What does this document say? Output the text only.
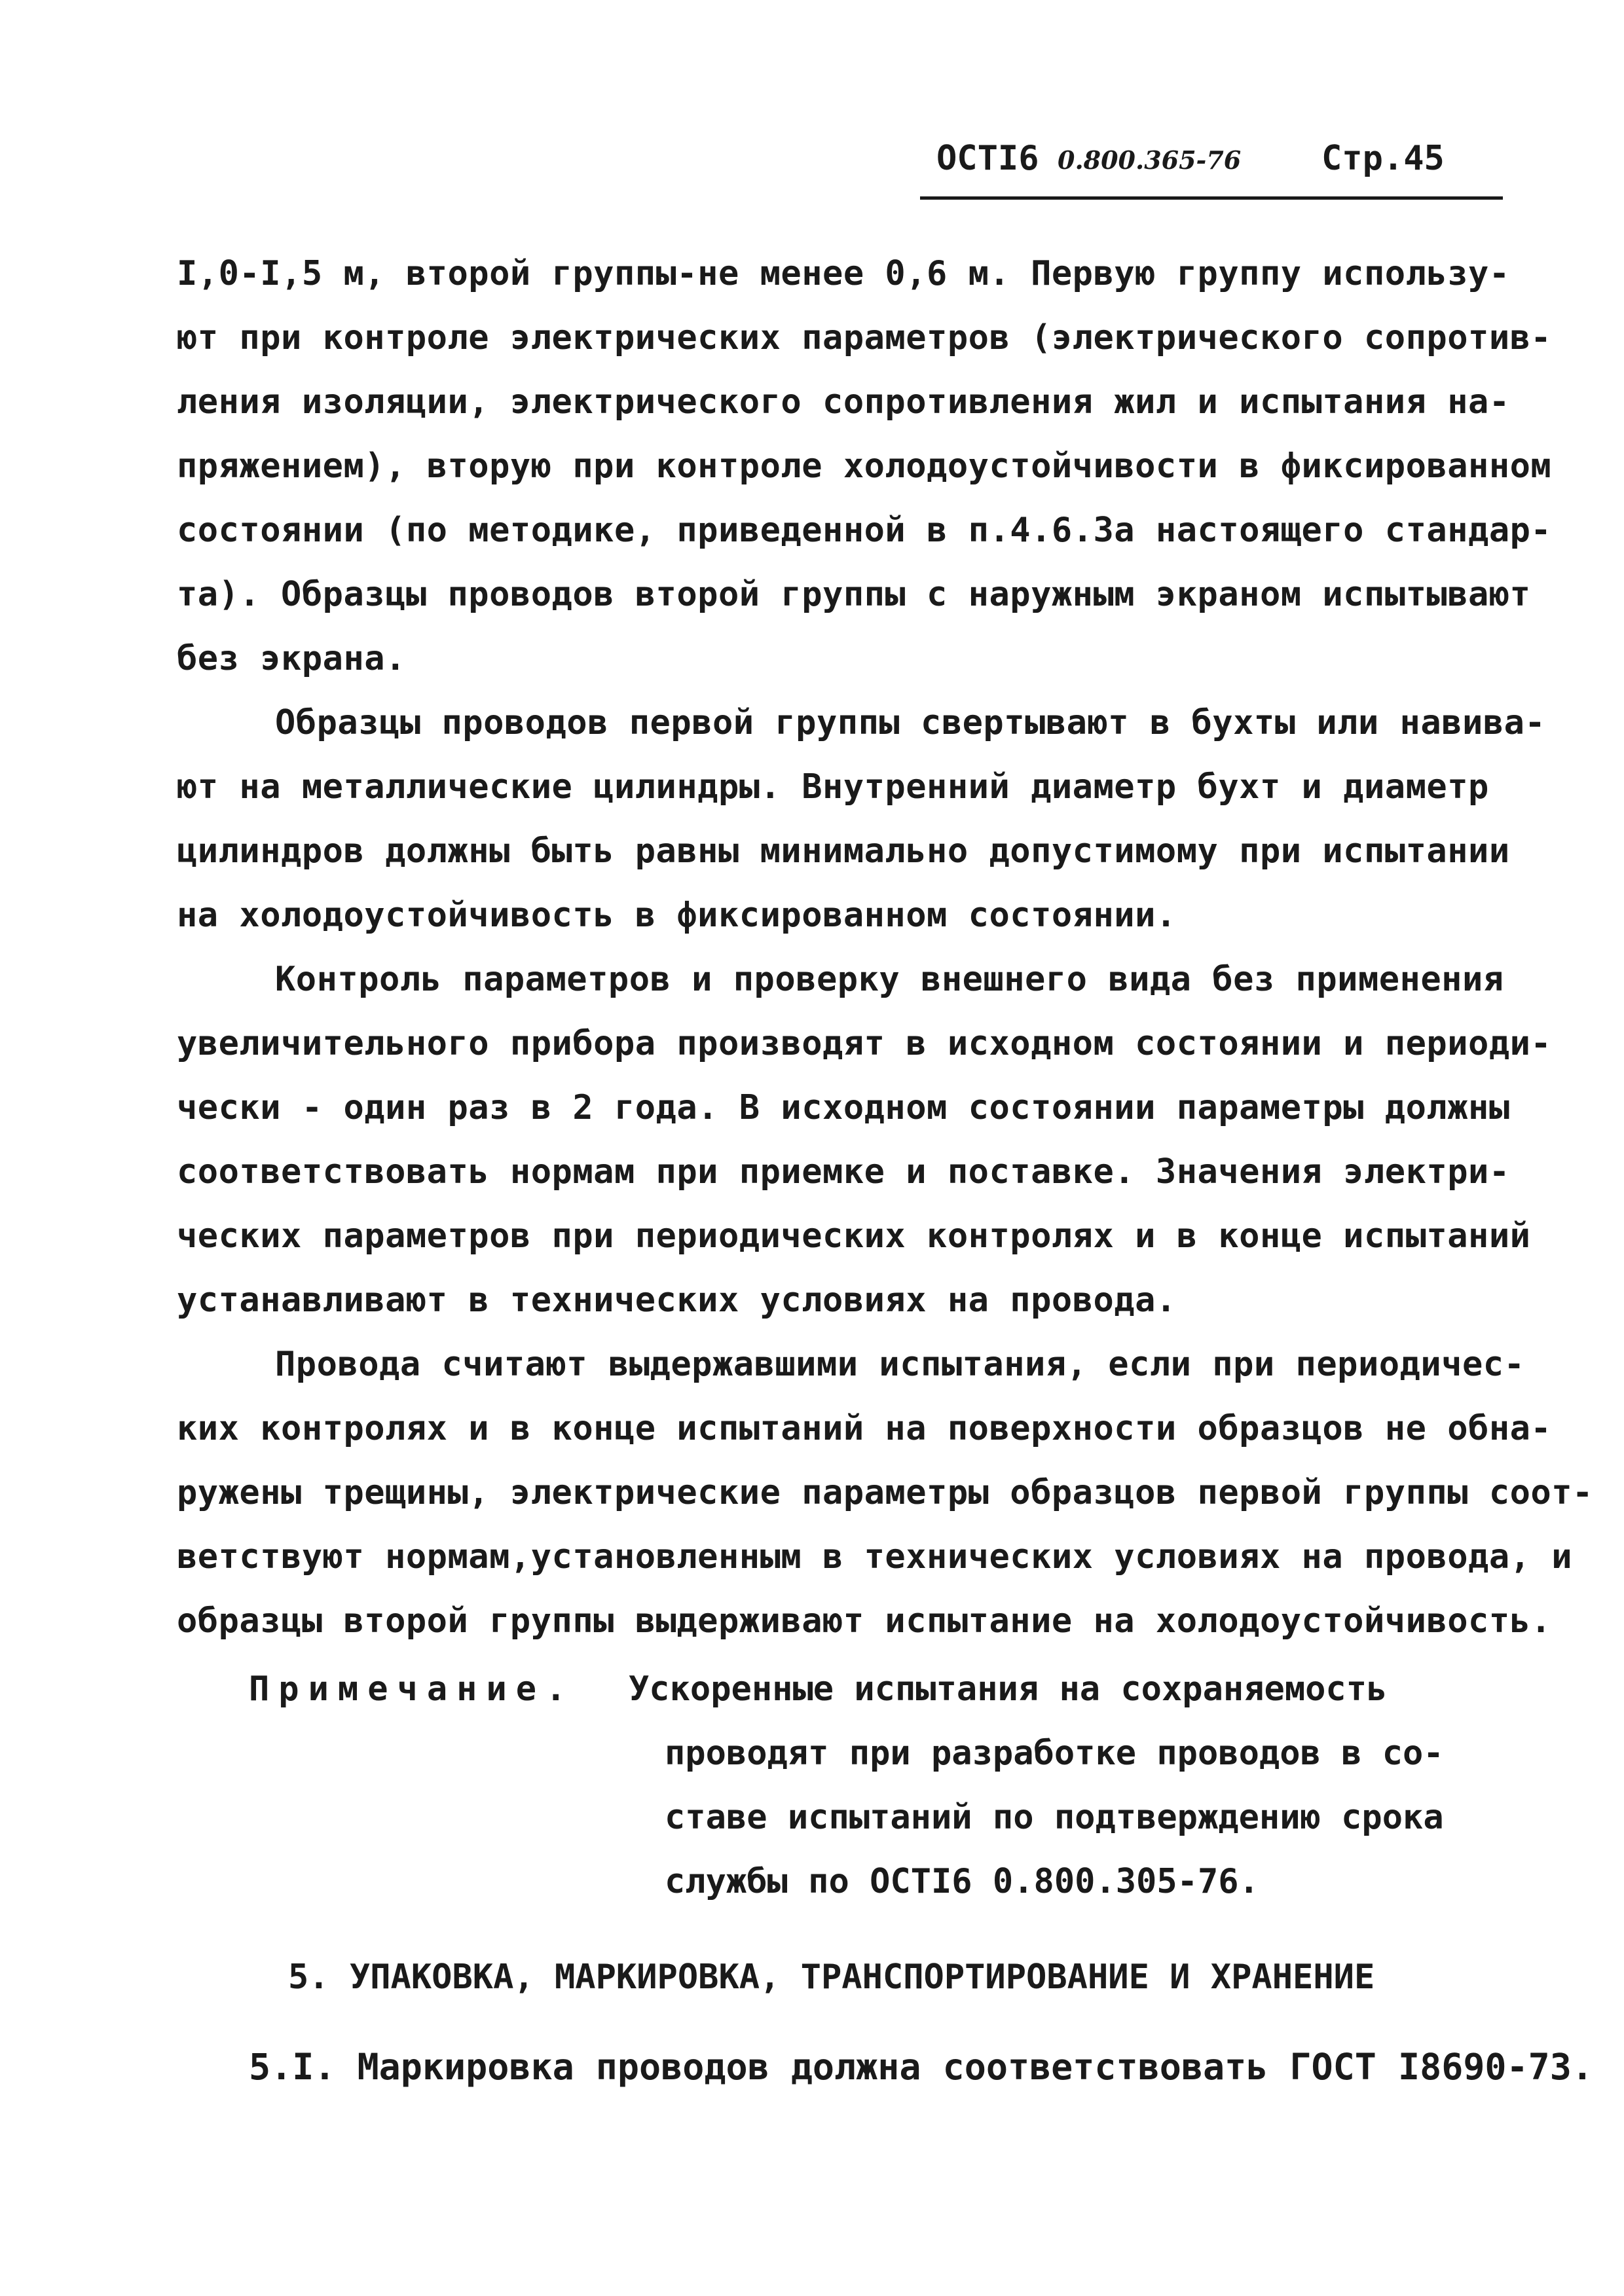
ОСТI6 0.800.365-76 Стр.45
I,0-I,5 м, второй группы-не менее 0,6 м. Первую группу использу-
ют при контроле электрических параметров (электрического сопротив-
ления изоляции, электрического сопротивления жил и испытания на-
пряжением), вторую при контроле холодоустойчивости в фиксированном
состоянии (по методике, приведенной в п.4.6.3а настоящего стандар-
та). Образцы проводов второй группы с наружным экраном испытывают
без экрана.
Образцы проводов первой группы свертывают в бухты или навива-
ют на металлические цилиндры. Внутренний диаметр бухт и диаметр
цилиндров должны быть равны минимально допустимому при испытании
на холодоустойчивость в фиксированном состоянии.
Контроль параметров и проверку внешнего вида без применения
увеличительного прибора производят в исходном состоянии и периоди-
чески - один раз в 2 года. В исходном состоянии параметры должны
соответствовать нормам при приемке и поставке. Значения электри-
ческих параметров при периодических контролях и в конце испытаний
устанавливают в технических условиях на провода.
Провода считают выдержавшими испытания, если при периодичес-
ких контролях и в конце испытаний на поверхности образцов не обна-
ружены трещины, электрические параметры образцов первой группы соот-
ветствуют нормам,установленным в технических условиях на провода, и
образцы второй группы выдерживают испытание на холодоустойчивость.
Примечание. Ускоренные испытания на сохраняемость
проводят при разработке проводов в со-
ставе испытаний по подтверждению срока
службы по ОСТI6 0.800.305-76.
5. УПАКОВКА, МАРКИРОВКА, ТРАНСПОРТИРОВАНИЕ И ХРАНЕНИЕ
5.I. Маркировка проводов должна соответствовать ГОСТ I8690-73.
